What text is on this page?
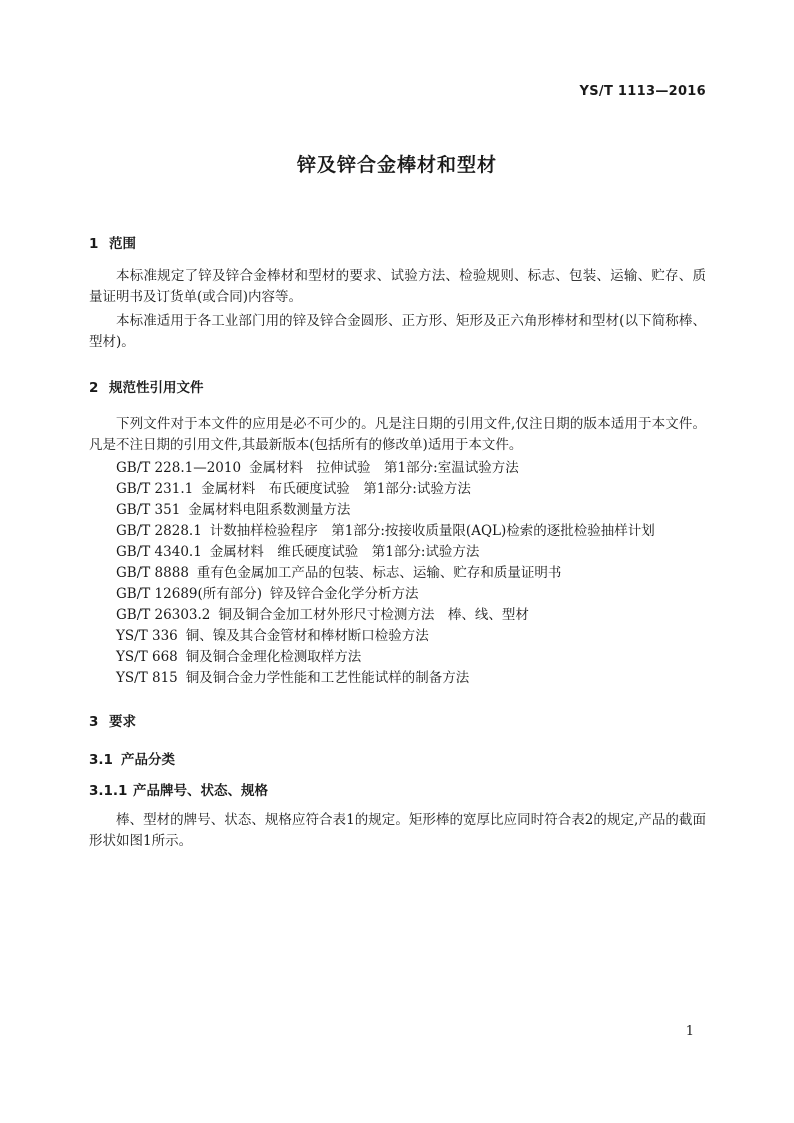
YS/T 1113—2016
锌及锌合金棒材和型材
1 范围
本标准规定了锌及锌合金棒材和型材的要求、试验方法、检验规则、标志、包装、运输、贮存、质量证明书及订货单(或合同)内容等。
本标准适用于各工业部门用的锌及锌合金圆形、正方形、矩形及正六角形棒材和型材(以下简称棒、型材)。
2 规范性引用文件
下列文件对于本文件的应用是必不可少的。凡是注日期的引用文件,仅注日期的版本适用于本文件。凡是不注日期的引用文件,其最新版本(包括所有的修改单)适用于本文件。
GB/T 228.1—2010 金属材料　拉伸试验　第1部分:室温试验方法
GB/T 231.1 金属材料　布氏硬度试验　第1部分:试验方法
GB/T 351 金属材料电阻系数测量方法
GB/T 2828.1 计数抽样检验程序　第1部分:按接收质量限(AQL)检索的逐批检验抽样计划
GB/T 4340.1 金属材料　维氏硬度试验　第1部分:试验方法
GB/T 8888 重有色金属加工产品的包装、标志、运输、贮存和质量证明书
GB/T 12689(所有部分) 锌及锌合金化学分析方法
GB/T 26303.2 铜及铜合金加工材外形尺寸检测方法　棒、线、型材
YS/T 336 铜、镍及其合金管材和棒材断口检验方法
YS/T 668 铜及铜合金理化检测取样方法
YS/T 815 铜及铜合金力学性能和工艺性能试样的制备方法
3 要求
3.1 产品分类
3.1.1 产品牌号、状态、规格
棒、型材的牌号、状态、规格应符合表1的规定。矩形棒的宽厚比应同时符合表2的规定,产品的截面形状如图1所示。
1
